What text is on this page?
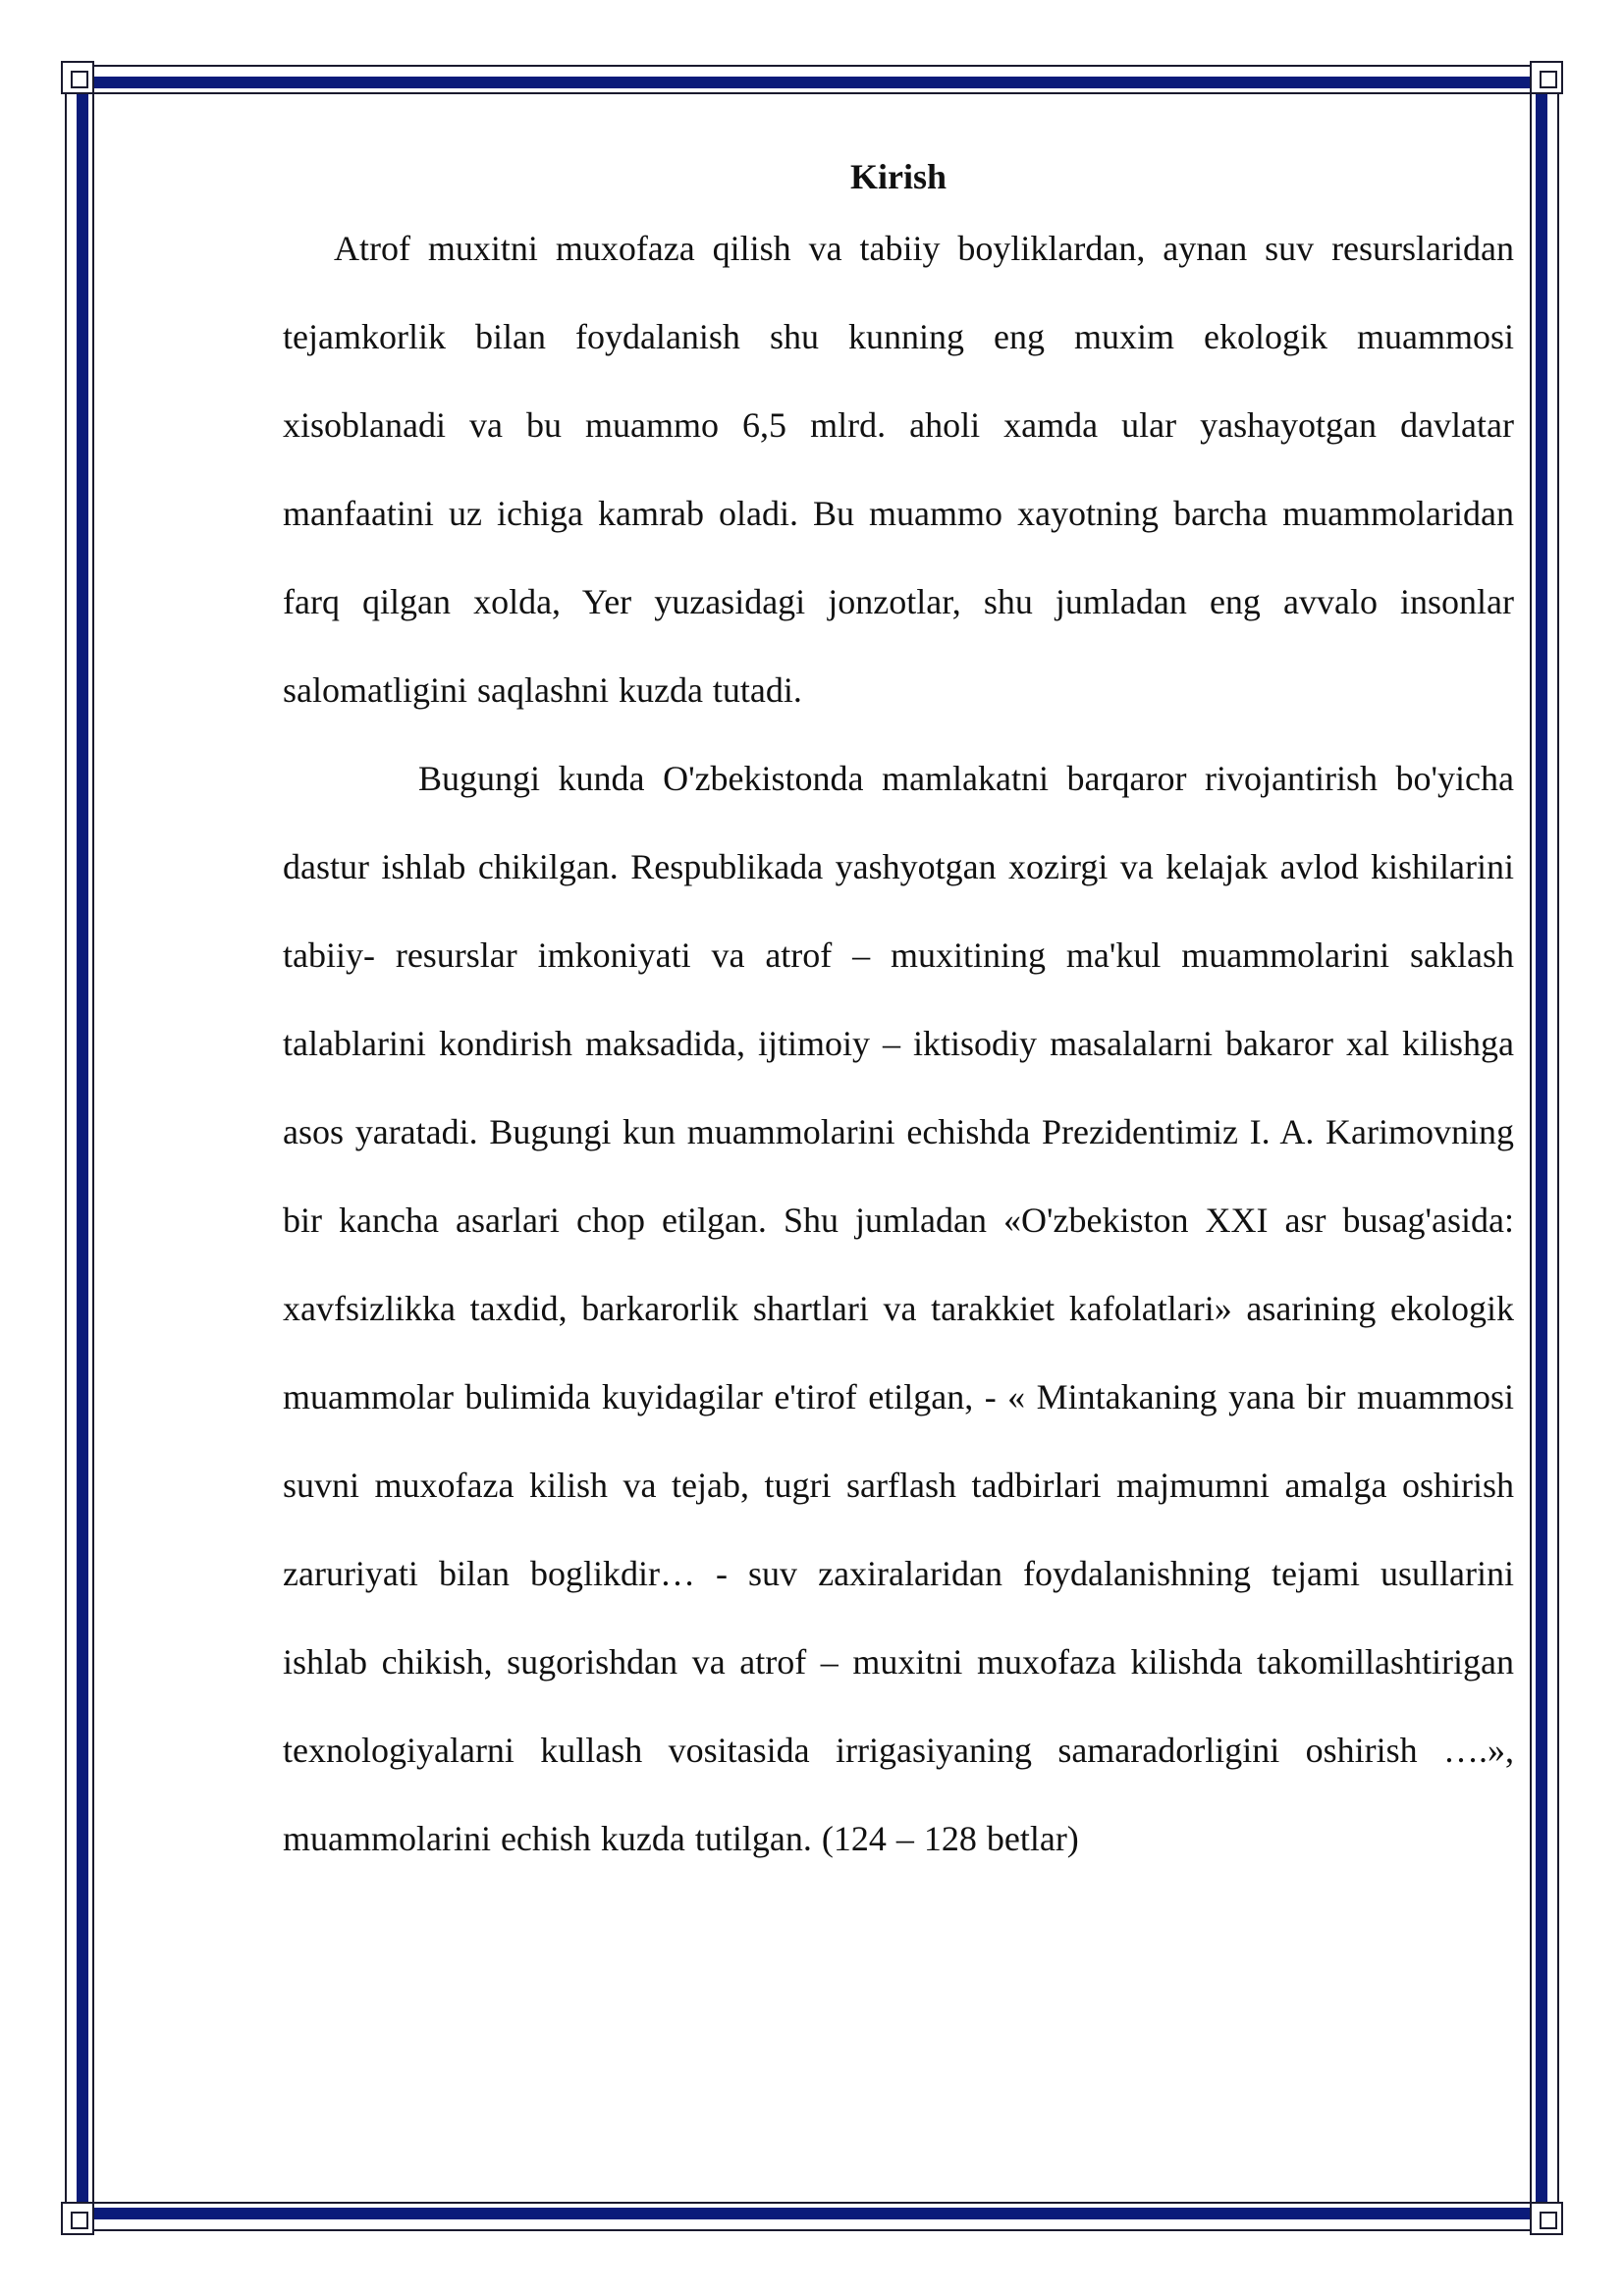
Kirish

Atrof muxitni muxofaza qilish va tabiiy boyliklardan, aynan suv resurslaridan tejamkorlik bilan foydalanish shu kunning eng muxim ekologik muammosi xisoblanadi va bu muammo 6,5 mlrd. aholi xamda ular yashayotgan davlatar manfaatini uz ichiga kamrab oladi. Bu muammo xayotning barcha muammolaridan farq qilgan xolda, Yer yuzasidagi jonzotlar, shu jumladan eng avvalo insonlar salomatligini saqlashni kuzda tutadi.

Bugungi kunda O'zbekistonda mamlakatni barqaror rivojantirish bo'yicha dastur ishlab chikilgan. Respublikada yashyotgan xozirgi va kelajak avlod kishilarini tabiiy- resurslar imkoniyati va atrof – muxitining ma'kul muammolarini saklash talablarini kondirish maksadida, ijtimoiy – iktisodiy masalalarni bakaror xal kilishga asos yaratadi. Bugungi kun muammolarini echishda Prezidentimiz I. A. Karimovning bir kancha asarlari chop etilgan. Shu jumladan «O'zbekiston XXI asr busag'asida: xavfsizlikka taxdid, barkarorlik shartlari va tarakkiet kafolatlari» asarining ekologik muammolar bulimida kuyidagilar e'tirof etilgan, - « Mintakaning yana bir muammosi suvni muxofaza kilish va tejab, tugri sarflash tadbirlari majmumni amalga oshirish zaruriyati bilan boglikdir… - suv zaxiralaridan foydalanishning tejami usullarini ishlab chikish, sugorishdan va atrof – muxitni muxofaza kilishda takomillashtirigan texnologiyalarni kullash vositasida irrigasiyaning samaradorligini oshirish ….», muammolarini echish kuzda tutilgan. (124 – 128 betlar)
